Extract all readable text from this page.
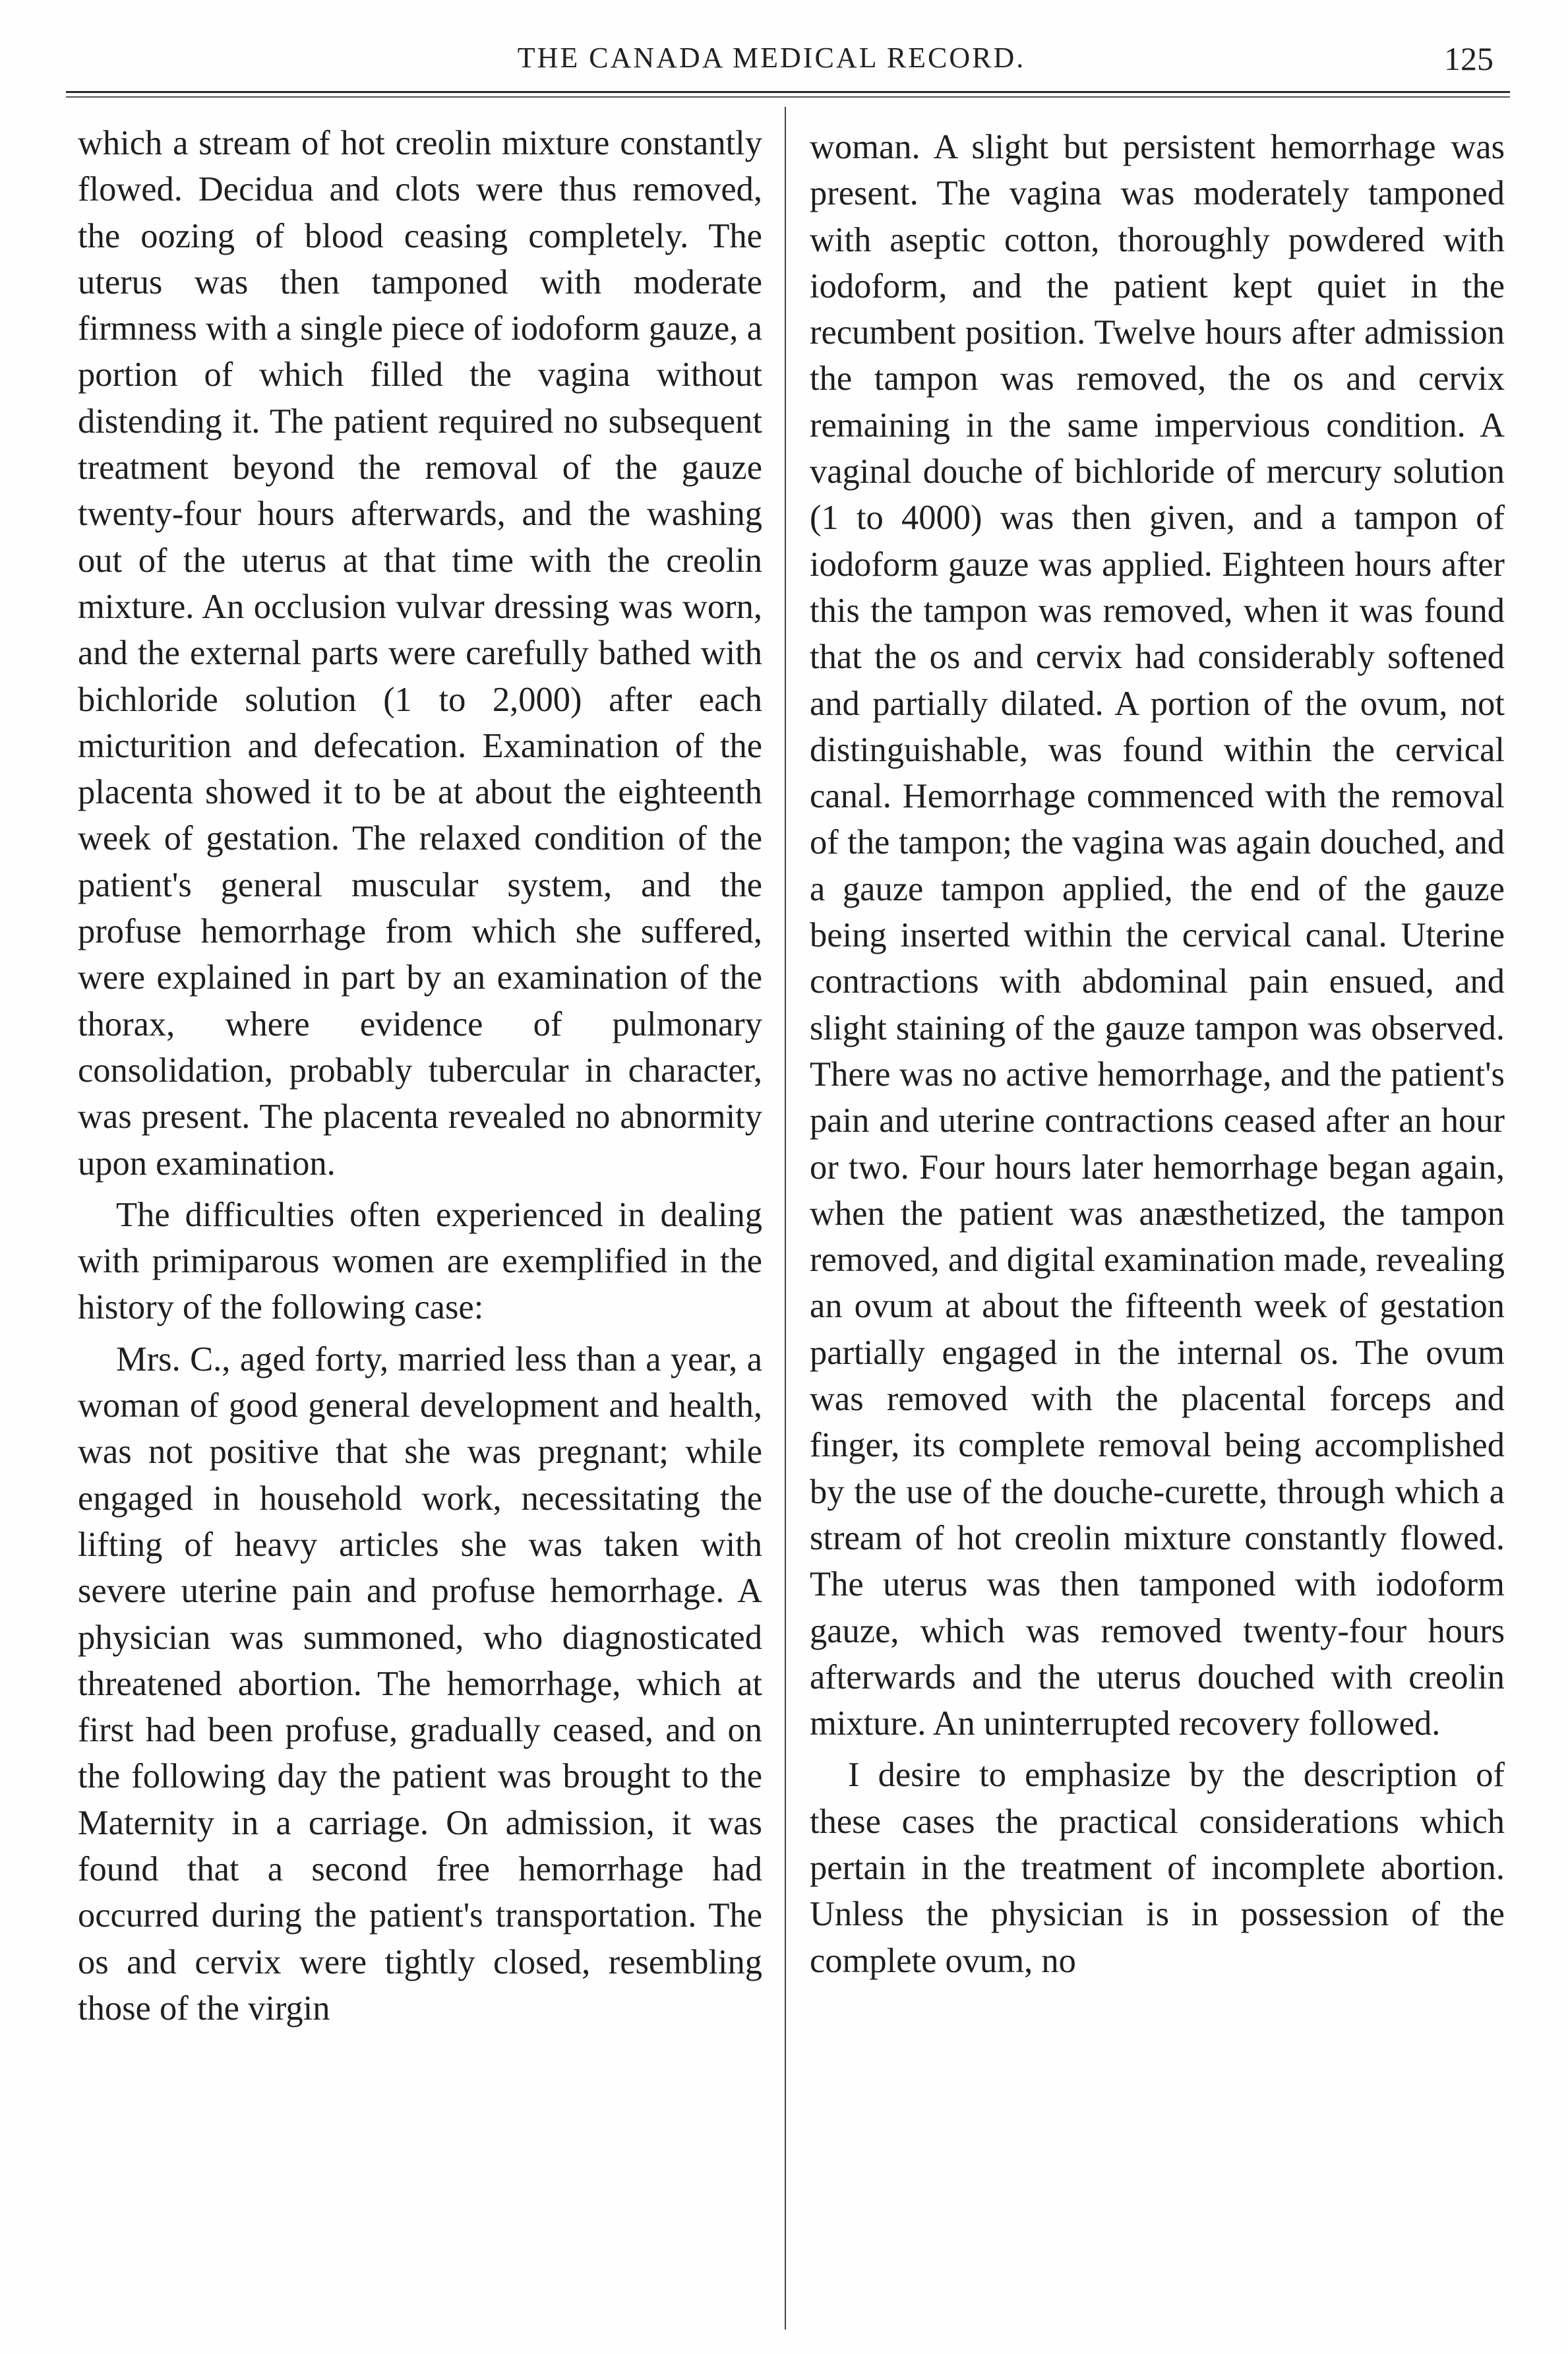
THE CANADA MEDICAL RECORD.	125

which a stream of hot creolin mixture constantly flowed. Decidua and clots were thus removed, the oozing of blood ceasing completely. The uterus was then tamponed with moderate firmness with a single piece of iodoform gauze, a portion of which filled the vagina without distending it. The patient required no subsequent treatment beyond the removal of the gauze twenty-four hours afterwards, and the washing out of the uterus at that time with the creolin mixture. An occlusion vulvar dressing was worn, and the external parts were carefully bathed with bichloride solution (1 to 2,000) after each micturition and defecation. Examination of the placenta showed it to be at about the eighteenth week of gestation. The relaxed condition of the patient's general muscular system, and the profuse hemorrhage from which she suffered, were explained in part by an examination of the thorax, where evidence of pulmonary consolidation, probably tubercular in character, was present. The placenta revealed no abnormity upon examination.

The difficulties often experienced in dealing with primiparous women are exemplified in the history of the following case:

Mrs. C., aged forty, married less than a year, a woman of good general development and health, was not positive that she was pregnant; while engaged in household work, necessitating the lifting of heavy articles she was taken with severe uterine pain and profuse hemorrhage. A physician was summoned, who diagnosticated threatened abortion. The hemorrhage, which at first had been profuse, gradually ceased, and on the following day the patient was brought to the Maternity in a carriage. On admission, it was found that a second free hemorrhage had occurred during the patient's transportation. The os and cervix were tightly closed, resembling those of the virgin

woman. A slight but persistent hemorrhage was present. The vagina was moderately tamponed with aseptic cotton, thoroughly powdered with iodoform, and the patient kept quiet in the recumbent position. Twelve hours after admission the tampon was removed, the os and cervix remaining in the same impervious condition. A vaginal douche of bichloride of mercury solution (1 to 4000) was then given, and a tampon of iodoform gauze was applied. Eighteen hours after this the tampon was removed, when it was found that the os and cervix had considerably softened and partially dilated. A portion of the ovum, not distinguishable, was found within the cervical canal. Hemorrhage commenced with the removal of the tampon; the vagina was again douched, and a gauze tampon applied, the end of the gauze being inserted within the cervical canal. Uterine contractions with abdominal pain ensued, and slight staining of the gauze tampon was observed. There was no active hemorrhage, and the patient's pain and uterine contractions ceased after an hour or two. Four hours later hemorrhage began again, when the patient was anæsthetized, the tampon removed, and digital examination made, revealing an ovum at about the fifteenth week of gestation partially engaged in the internal os. The ovum was removed with the placental forceps and finger, its complete removal being accomplished by the use of the douche-curette, through which a stream of hot creolin mixture constantly flowed. The uterus was then tamponed with iodoform gauze, which was removed twenty-four hours afterwards and the uterus douched with creolin mixture. An uninterrupted recovery followed.

I desire to emphasize by the description of these cases the practical considerations which pertain in the treatment of incomplete abortion. Unless the physician is in possession of the complete ovum, no
